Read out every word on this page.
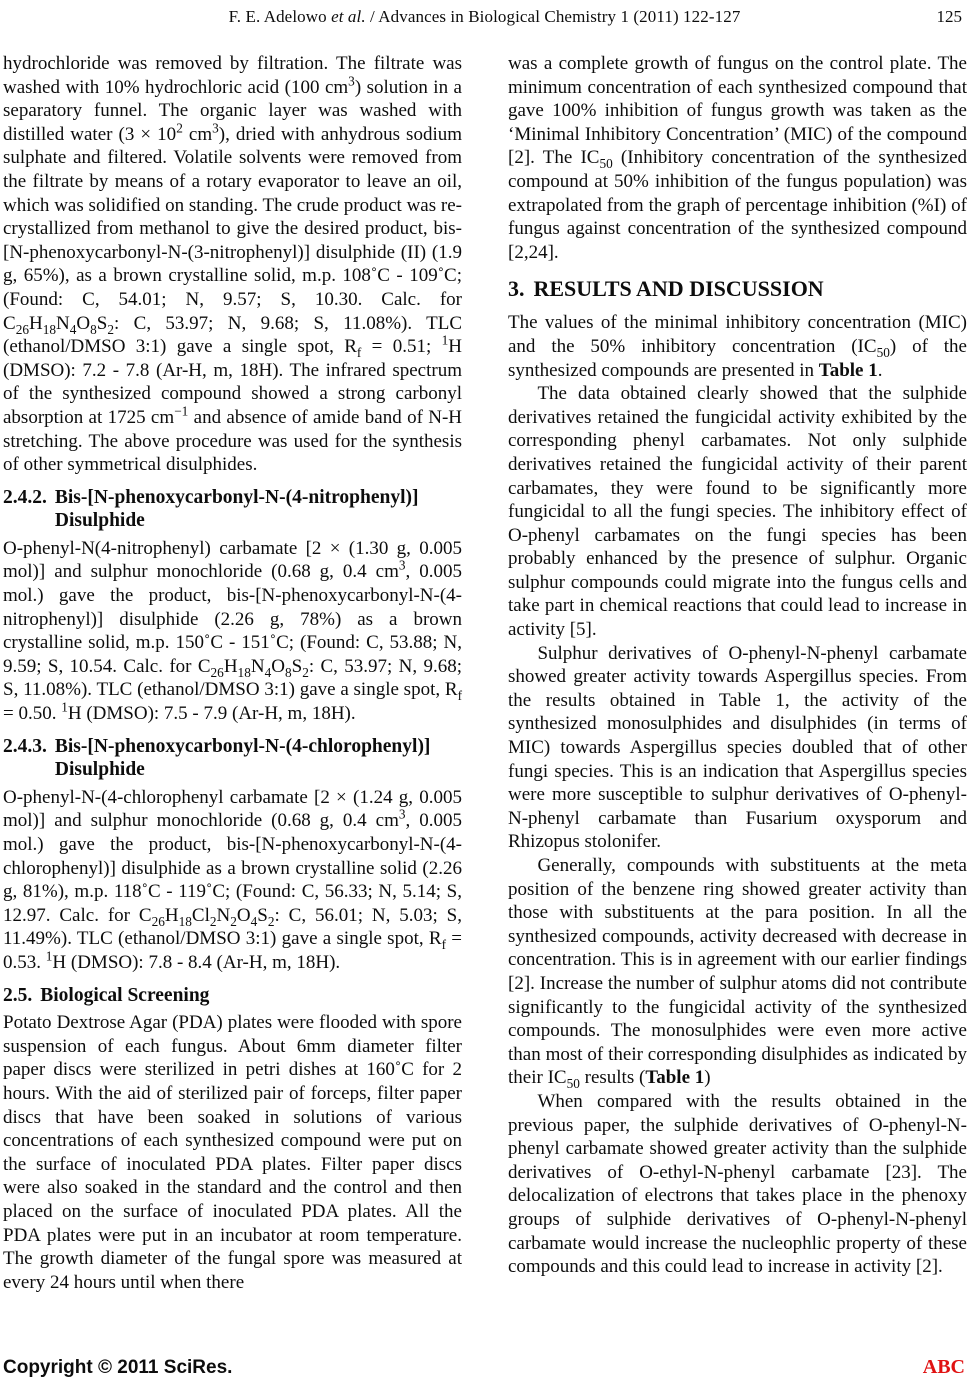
F. E. Adelowo et al. / Advances in Biological Chemistry 1 (2011) 122-127	125

hydrochloride was removed by filtration. The filtrate was washed with 10% hydrochloric acid (100 $cm^3$) solution in a separatory funnel. The organic layer was washed with distilled water ($3 \times 10^2$ $cm^3$), dried with anhydrous sodium sulphate and filtered. Volatile solvents were removed from the filtrate by means of a rotary evaporator to leave an oil, which was solidified on standing. The crude product was re-crystallized from methanol to give the desired product, bis-[N-phenoxycarbonyl-N-(3-nitrophenyl)] disulphide (II) (1.9 g, 65%), as a brown crystalline solid, m.p. 108˚C - 109˚C; (Found: C, 54.01; N, 9.57; S, 10.30. Calc. for $C_{26}H_{18}N_4O_8S_2$: C, 53.97; N, 9.68; S, 11.08%). TLC (ethanol/DMSO 3:1) gave a single spot, $R_f = 0.51$; $^1$H (DMSO): 7.2 - 7.8 (Ar-H, m, 18H). The infrared spectrum of the synthesized compound showed a strong carbonyl absorption at 1725 $cm^{-1}$ and absence of amide band of N-H stretching. The above procedure was used for the synthesis of other symmetrical disulphides.

2.4.2. Bis-[N-phenoxycarbonyl-N-(4-nitrophenyl)]
Disulphide

O-phenyl-N(4-nitrophenyl) carbamate [2 × (1.30 g, 0.005 mol)] and sulphur monochloride (0.68 g, 0.4 $cm^3$, 0.005 mol.) gave the product, bis-[N-phenoxycarbonyl-N-(4-nitrophenyl)] disulphide (2.26 g, 78%) as a brown crystalline solid, m.p. 150˚C - 151˚C; (Found: C, 53.88; N, 9.59; S, 10.54. Calc. for $C_{26}H_{18}N_4O_8S_2$: C, 53.97; N, 9.68; S, 11.08%). TLC (ethanol/DMSO 3:1) gave a single spot, $R_f = 0.50$. $^1$H (DMSO): 7.5 - 7.9 (Ar-H, m, 18H).

2.4.3. Bis-[N-phenoxycarbonyl-N-(4-chlorophenyl)]
Disulphide

O-phenyl-N-(4-chlorophenyl carbamate [2 × (1.24 g, 0.005 mol)] and sulphur monochloride (0.68 g, 0.4 $cm^3$, 0.005 mol.) gave the product, bis-[N-phenoxycarbonyl-N-(4-chlorophenyl)] disulphide as a brown crystalline solid (2.26 g, 81%), m.p. 118˚C - 119˚C; (Found: C, 56.33; N, 5.14; S, 12.97. Calc. for $C_{26}H_{18}Cl_2N_2O_4S_2$: C, 56.01; N, 5.03; S, 11.49%). TLC (ethanol/DMSO 3:1) gave a single spot, $R_f = 0.53$. $^1$H (DMSO): 7.8 - 8.4 (Ar-H, m, 18H).

2.5. Biological Screening

Potato Dextrose Agar (PDA) plates were flooded with spore suspension of each fungus. About 6mm diameter filter paper discs were sterilized in petri dishes at 160˚C for 2 hours. With the aid of sterilized pair of forceps, filter paper discs that have been soaked in solutions of various concentrations of each synthesized compound were put on the surface of inoculated PDA plates. Filter paper discs were also soaked in the standard and the control and then placed on the surface of inoculated PDA plates. All the PDA plates were put in an incubator at room temperature. The growth diameter of the fungal spore was measured at every 24 hours until when there

was a complete growth of fungus on the control plate. The minimum concentration of each synthesized compound that gave 100% inhibition of fungus growth was taken as the ‘Minimal Inhibitory Concentration’ (MIC) of the compound [2]. The $IC_{50}$ (Inhibitory concentration of the synthesized compound at 50% inhibition of the fungus population) was extrapolated from the graph of percentage inhibition (%I) of fungus against concentration of the synthesized compound [2,24].

3. RESULTS AND DISCUSSION

The values of the minimal inhibitory concentration (MIC) and the 50% inhibitory concentration $(IC_{50})$ of the synthesized compounds are presented in Table 1.

The data obtained clearly showed that the sulphide derivatives retained the fungicidal activity exhibited by the corresponding phenyl carbamates. Not only sulphide derivatives retained the fungicidal activity of their parent carbamates, they were found to be significantly more fungicidal to all the fungi species. The inhibitory effect of O-phenyl carbamates on the fungi species has been probably enhanced by the presence of sulphur. Organic sulphur compounds could migrate into the fungus cells and take part in chemical reactions that could lead to increase in activity [5].

Sulphur derivatives of O-phenyl-N-phenyl carbamate showed greater activity towards Aspergillus species. From the results obtained in Table 1, the activity of the synthesized monosulphides and disulphides (in terms of MIC) towards Aspergillus species doubled that of other fungi species. This is an indication that Aspergillus species were more susceptible to sulphur derivatives of O-phenyl-N-phenyl carbamate than Fusarium oxysporum and Rhizopus stolonifer.

Generally, compounds with substituents at the meta position of the benzene ring showed greater activity than those with substituents at the para position. In all the synthesized compounds, activity decreased with decrease in concentration. This is in agreement with our earlier findings [2]. Increase the number of sulphur atoms did not contribute significantly to the fungicidal activity of the synthesized compounds. The monosulphides were even more active than most of their corresponding disulphides as indicated by their $IC_{50}$ results (Table 1)

When compared with the results obtained in the previous paper, the sulphide derivatives of O-phenyl-N-phenyl carbamate showed greater activity than the sulphide derivatives of O-ethyl-N-phenyl carbamate [23]. The delocalization of electrons that takes place in the phenoxy groups of sulphide derivatives of O-phenyl-N-phenyl carbamate would increase the nucleophlic property of these compounds and this could lead to increase in activity [2].

Copyright © 2011 SciRes.	ABC
